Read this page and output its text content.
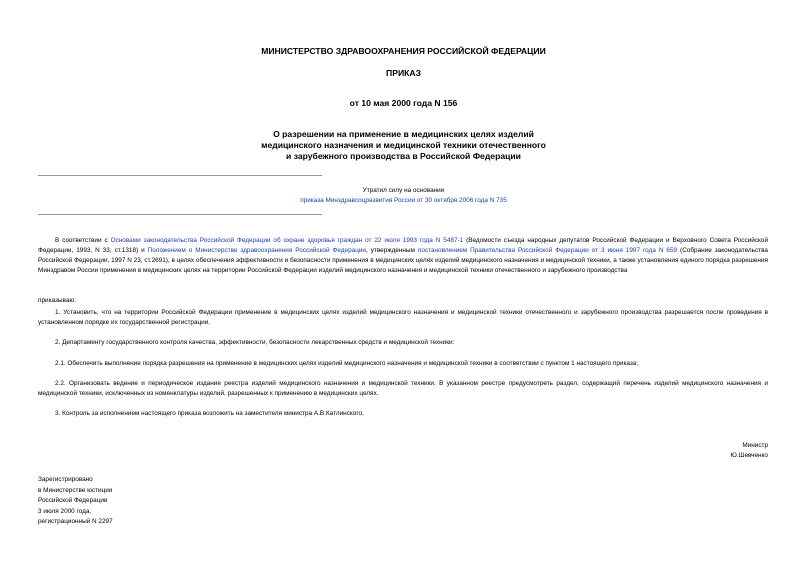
МИНИСТЕРСТВО ЗДРАВООХРАНЕНИЯ РОССИЙСКОЙ ФЕДЕРАЦИИ
ПРИКАЗ
от 10 мая 2000 года N 156
О разрешении на применение в медицинских целях изделий
медицинского назначения и медицинской техники отечественного
и зарубежного производства в Российской Федерации
Утратил силу на основании
приказа Минздравсоцразвития России от 30 октября 2006 года N 735
В соответствии с Основами законодательства Российской Федерации об охране здоровья граждан от 22 июля 1993 года N 5487-1 (Ведомости съезда народных депутатов Российской Федерации и Верховного Совета Российской Федерации, 1993, N 33, ст.1318) и Положением о Министерстве здравоохранения Российской Федерации, утвержденным постановлением Правительства Российской Федерации от 3 июня 1997 года N 659 (Собрание законодательства Российской Федерации, 1997 N 23, ст.2691), в целях обеспечения эффективности и безопасности применения в медицинских целях изделий медицинского назначения и медицинской техники, а также установления единого порядка разрешения Минздравом России применения в медицинских целях на территории Российской Федерации изделий медицинского назначения и медицинской техники отечественного и зарубежного производства
приказываю:
1. Установить, что на территории Российской Федерации применение в медицинских целях изделий медицинского назначения и медицинской техники отечественного и зарубежного производства разрешается после проведения в установленном порядке их государственной регистрации.
2. Департаменту государственного контроля качества, эффективности, безопасности лекарственных средств и медицинской техники:
2.1. Обеспечить выполнение порядка разрешения на применение в медицинских целях изделий медицинского назначения и медицинской техники в соответствии с пунктом 1 настоящего приказа;
2.2. Организовать ведение и периодическое издание реестра изделий медицинского назначения и медицинской техники. В указанном реестре предусмотреть раздел, содержащий перечень изделий медицинского назначения и медицинской техники, исключенных из номенклатуры изделий, разрешенных к применению в медицинских целях.
3. Контроль за исполнением настоящего приказа возложить на заместителя министра А.В.Катлинского.
Министр
Ю.Шевченко
Зарегистрировано
в Министерстве юстиции
Российской Федерации
3 июля 2000 года,
регистрационный N 2297
